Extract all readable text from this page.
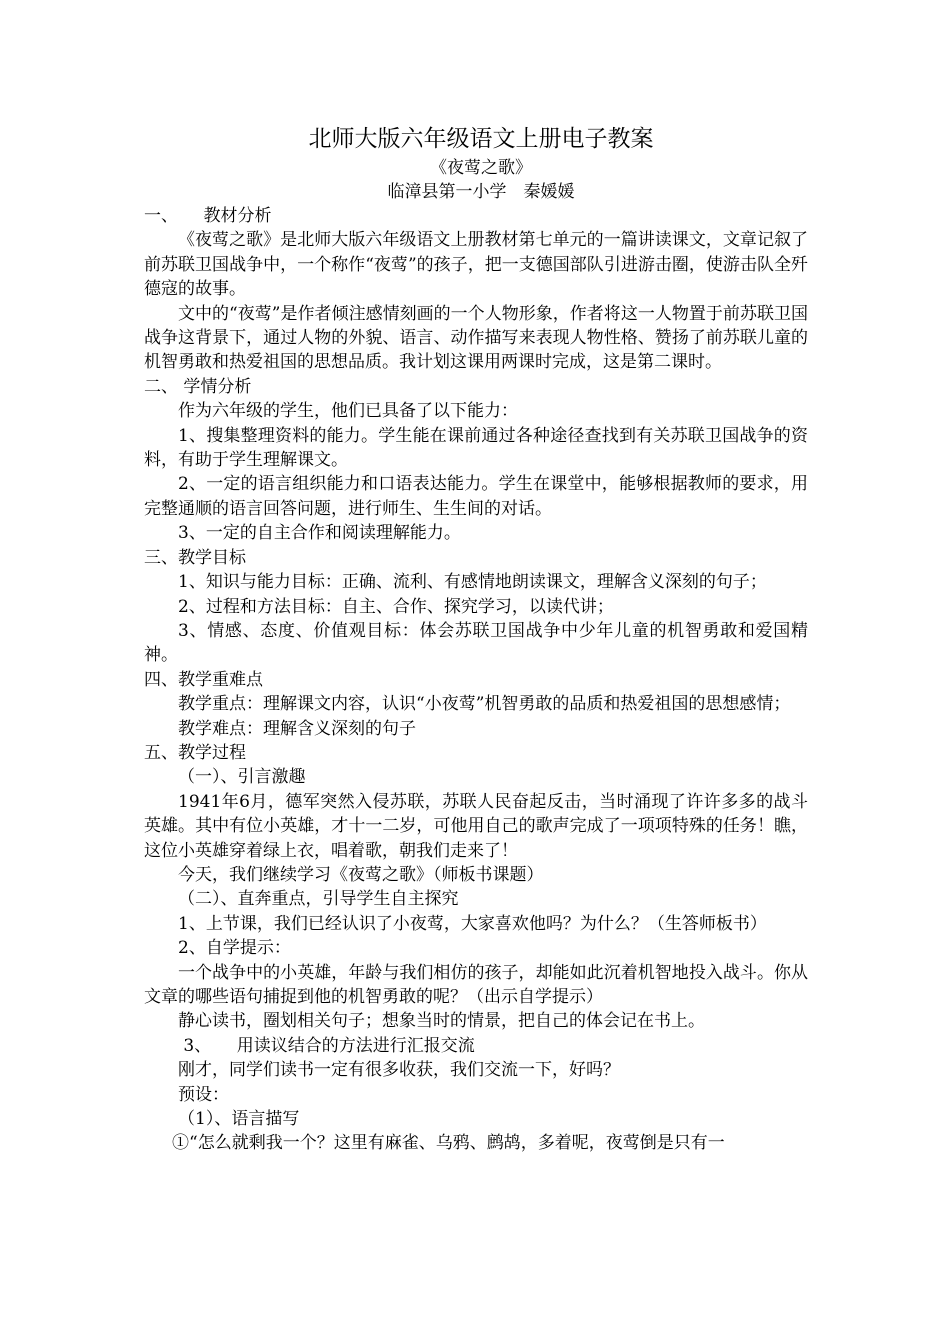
北师大版六年级语文上册电子教案
《夜莺之歌》
临漳县第一小学　秦媛媛

一、　　教材分析

《夜莺之歌》是北师大版六年级语文上册教材第七单元的一篇讲读课文，文章记叙了前苏联卫国战争中，一个称作“夜莺”的孩子，把一支德国部队引进游击圈，使游击队全歼德寇的故事。

文中的“夜莺”是作者倾注感情刻画的一个人物形象，作者将这一人物置于前苏联卫国战争这背景下，通过人物的外貌、语言、动作描写来表现人物性格、赞扬了前苏联儿童的机智勇敢和热爱祖国的思想品质。我计划这课用两课时完成，这是第二课时。

二、 学情分析

作为六年级的学生，他们已具备了以下能力：

1、搜集整理资料的能力。学生能在课前通过各种途径查找到有关苏联卫国战争的资料，有助于学生理解课文。

2、一定的语言组织能力和口语表达能力。学生在课堂中，能够根据教师的要求，用完整通顺的语言回答问题，进行师生、生生间的对话。

3、一定的自主合作和阅读理解能力。

三、教学目标

1、知识与能力目标：正确、流利、有感情地朗读课文，理解含义深刻的句子；

2、过程和方法目标：自主、合作、探究学习，以读代讲；

3、情感、态度、价值观目标：体会苏联卫国战争中少年儿童的机智勇敢和爱国精神。

四、教学重难点

教学重点：理解课文内容，认识“小夜莺”机智勇敢的品质和热爱祖国的思想感情；

教学难点：理解含义深刻的句子

五、教学过程

（一）、引言激趣

1941年6月，德军突然入侵苏联，苏联人民奋起反击，当时涌现了许许多多的战斗英雄。其中有位小英雄，才十一二岁，可他用自己的歌声完成了一项项特殊的任务！瞧，这位小英雄穿着绿上衣，唱着歌，朝我们走来了！

今天，我们继续学习《夜莺之歌》（师板书课题）

（二）、直奔重点，引导学生自主探究

1、上节课，我们已经认识了小夜莺，大家喜欢他吗？为什么？（生答师板书）

2、自学提示：

一个战争中的小英雄，年龄与我们相仿的孩子，却能如此沉着机智地投入战斗。你从文章的哪些语句捕捉到他的机智勇敢的呢？（出示自学提示）

静心读书，圈划相关句子；想象当时的情景，把自己的体会记在书上。

3、　　用读议结合的方法进行汇报交流

刚才，同学们读书一定有很多收获，我们交流一下，好吗？

预设：

（1）、语言描写

①“怎么就剩我一个？这里有麻雀、乌鸦、鹧鸪，多着呢，夜莺倒是只有一
